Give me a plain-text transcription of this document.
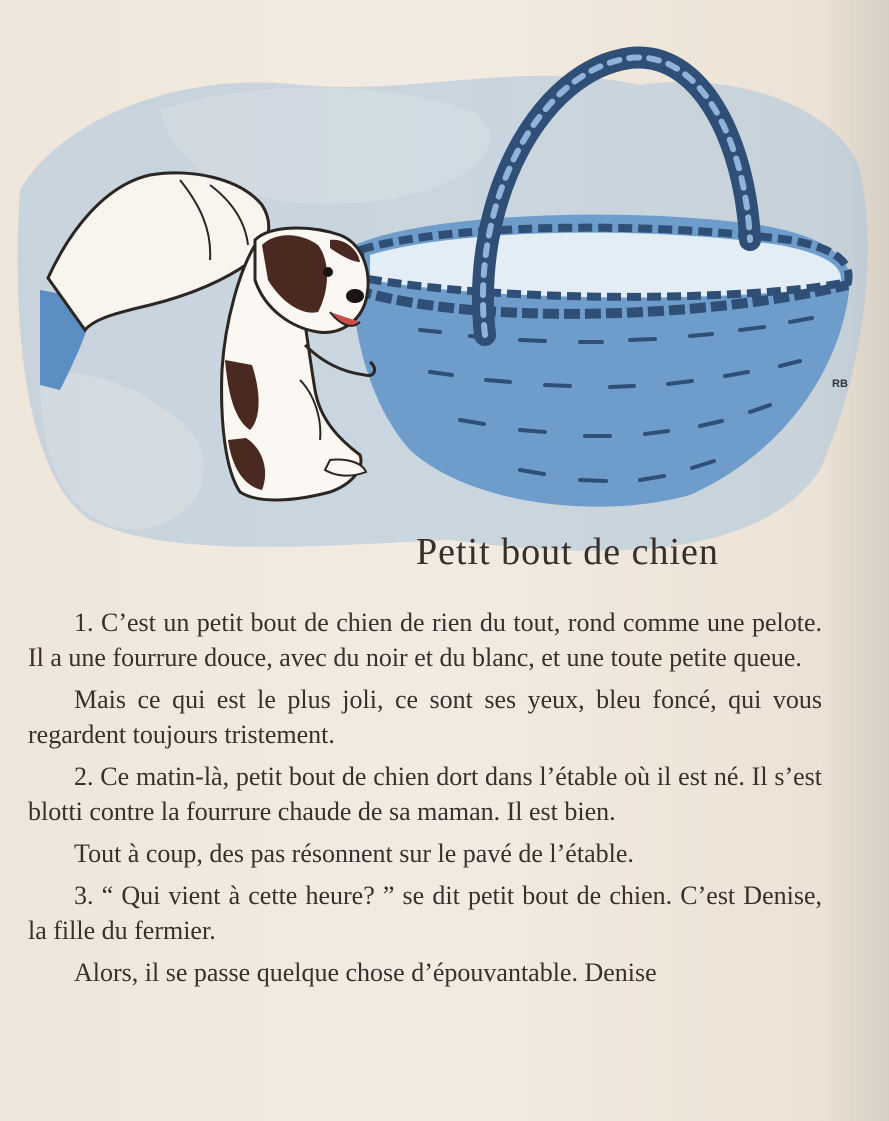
RB
Petit bout de chien

1. C’est un petit bout de chien de rien du tout, rond comme une pelote. Il a une fourrure douce, avec du noir et du blanc, et une toute petite queue.

Mais ce qui est le plus joli, ce sont ses yeux, bleu foncé, qui vous regardent toujours tristement.

2. Ce matin-là, petit bout de chien dort dans l’étable où il est né. Il s’est blotti contre la fourrure chaude de sa maman. Il est bien.

Tout à coup, des pas résonnent sur le pavé de l’étable.

3. “ Qui vient à cette heure? ” se dit petit bout de chien. C’est Denise, la fille du fermier.

Alors, il se passe quelque chose d’épouvantable. Denise
